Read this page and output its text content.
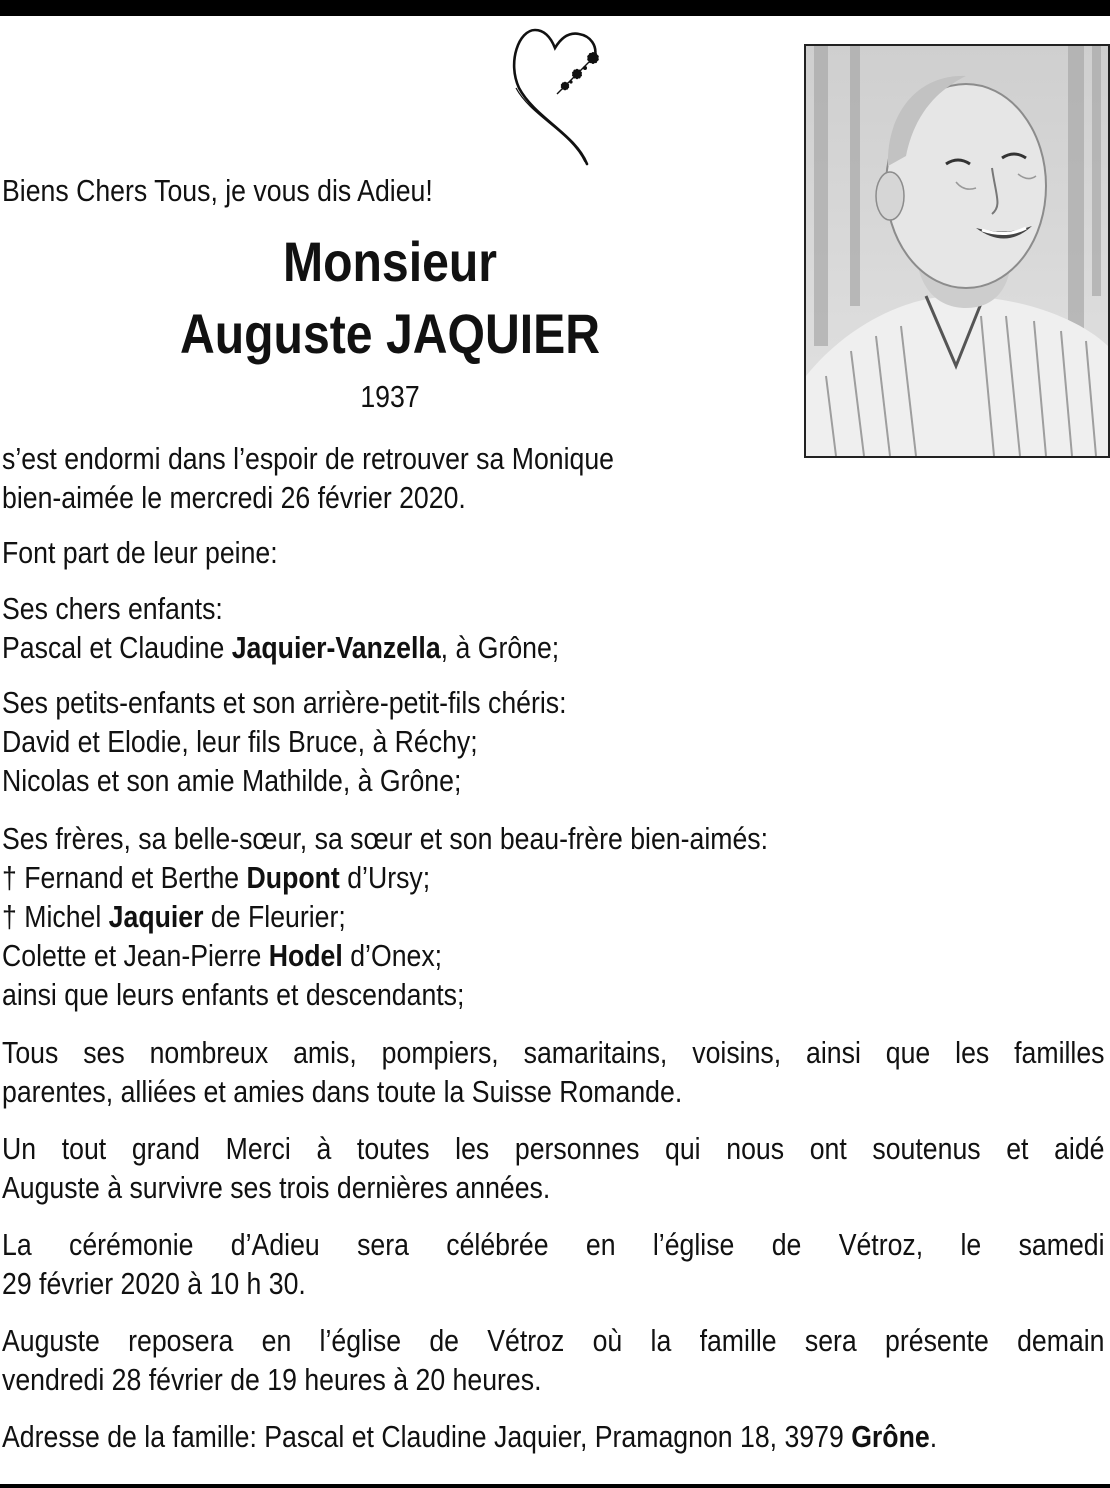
Biens Chers Tous, je vous dis Adieu!
Monsieur
Auguste JAQUIER
1937
s’est endormi dans l’espoir de retrouver sa Monique
bien-aimée le mercredi 26 février 2020.
Font part de leur peine:
Ses chers enfants:
Pascal et Claudine Jaquier-Vanzella, à Grône;
Ses petits-enfants et son arrière-petit-fils chéris:
David et Elodie, leur fils Bruce, à Réchy;
Nicolas et son amie Mathilde, à Grône;
Ses frères, sa belle-sœur, sa sœur et son beau-frère bien-aimés:
† Fernand et Berthe Dupont d’Ursy;
† Michel Jaquier de Fleurier;
Colette et Jean-Pierre Hodel d’Onex;
ainsi que leurs enfants et descendants;
Tous ses nombreux amis, pompiers, samaritains, voisins, ainsi que les familles
parentes, alliées et amies dans toute la Suisse Romande.
Un tout grand Merci à toutes les personnes qui nous ont soutenus et aidé
Auguste à survivre ses trois dernières années.
La cérémonie d’Adieu sera célébrée en l’église de Vétroz, le samedi
29 février 2020 à 10 h 30.
Auguste reposera en l’église de Vétroz où la famille sera présente demain
vendredi 28 février de 19 heures à 20 heures.
Adresse de la famille: Pascal et Claudine Jaquier, Pramagnon 18, 3979 Grône.
